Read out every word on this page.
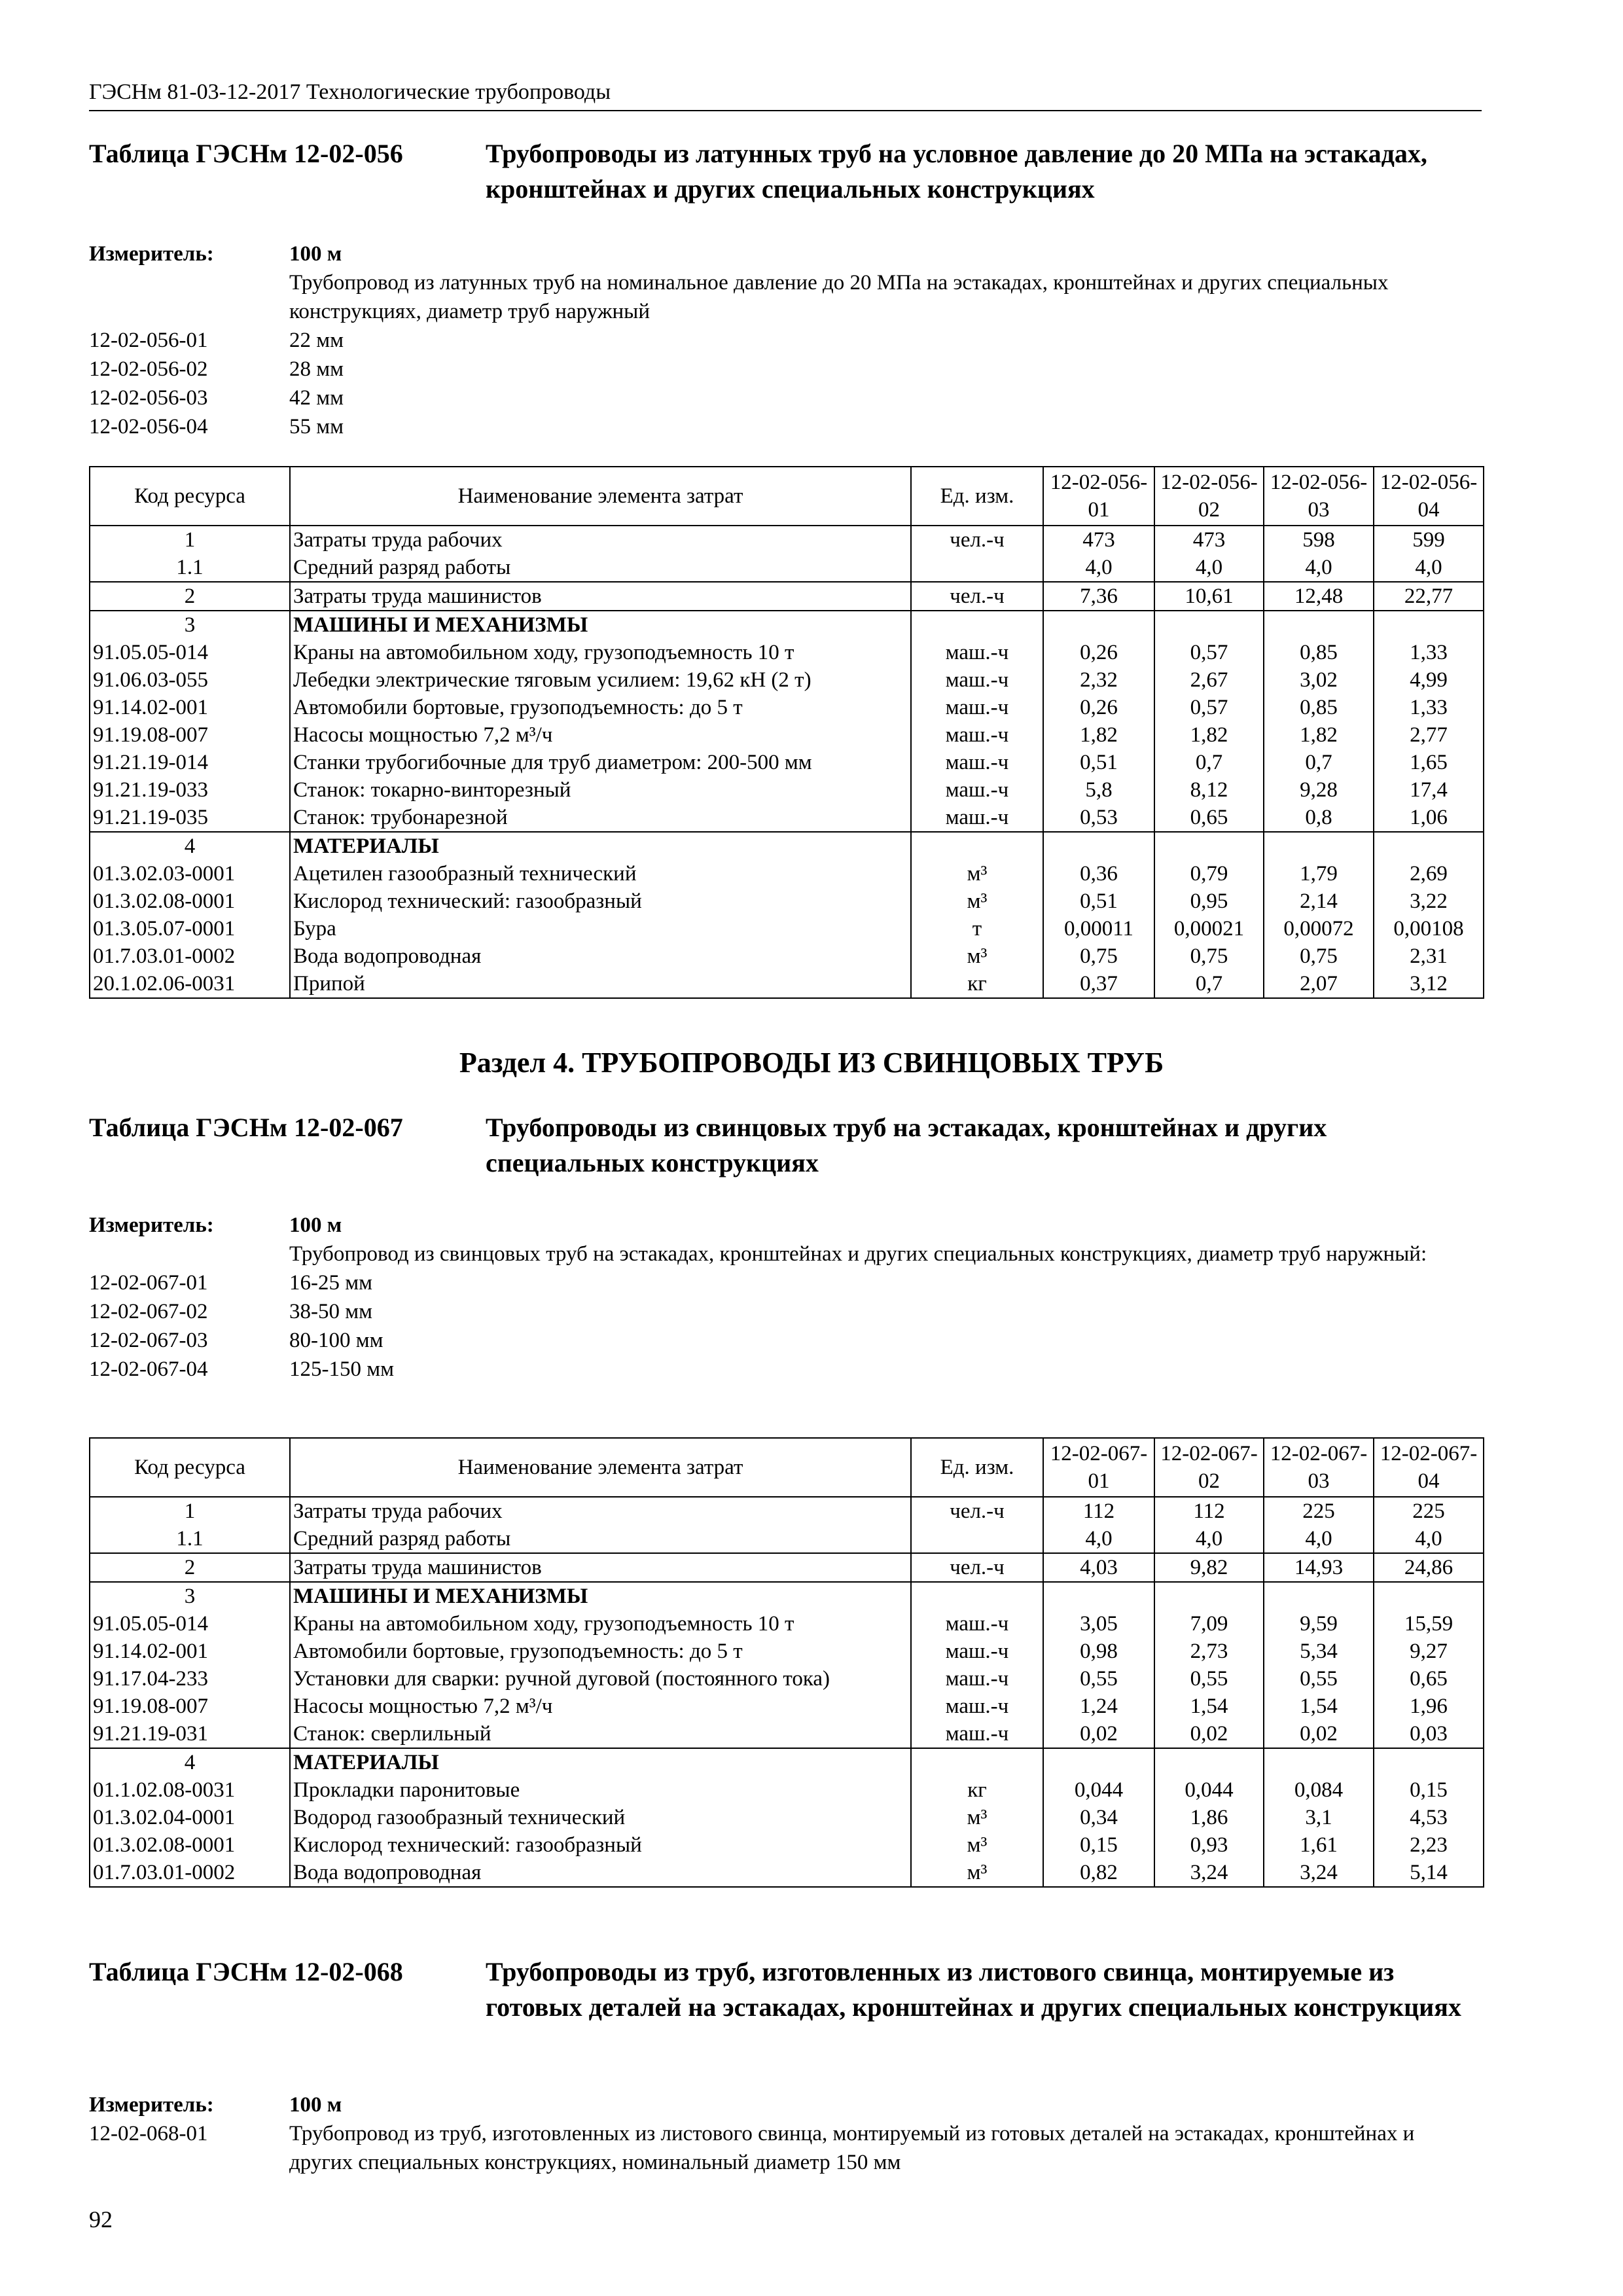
ГЭСНм 81-03-12-2017 Технологические трубопроводы
Таблица ГЭСНм 12-02-056	Трубопроводы из латунных труб на условное давление до 20 МПа на эстакадах, кронштейнах и других специальных конструкциях
Измеритель:	100 м
Трубопровод из латунных труб на номинальное давление до 20 МПа на эстакадах, кронштейнах и других специальных конструкциях, диаметр труб наружный
12-02-056-01	22 мм
12-02-056-02	28 мм
12-02-056-03	42 мм
12-02-056-04	55 мм
Код ресурса	Наименование элемента затрат	Ед. изм.	12-02-056-01	12-02-056-02	12-02-056-03	12-02-056-04
1	Затраты труда рабочих	чел.-ч	473	473	598	599
1.1	Средний разряд работы		4,0	4,0	4,0	4,0
2	Затраты труда машинистов	чел.-ч	7,36	10,61	12,48	22,77
3	МАШИНЫ И МЕХАНИЗМЫ					
91.05.05-014	Краны на автомобильном ходу, грузоподъемность 10 т	маш.-ч	0,26	0,57	0,85	1,33
91.06.03-055	Лебедки электрические тяговым усилием: 19,62 кН (2 т)	маш.-ч	2,32	2,67	3,02	4,99
91.14.02-001	Автомобили бортовые, грузоподъемность: до 5 т	маш.-ч	0,26	0,57	0,85	1,33
91.19.08-007	Насосы мощностью 7,2 м³/ч	маш.-ч	1,82	1,82	1,82	2,77
91.21.19-014	Станки трубогибочные для труб диаметром: 200-500 мм	маш.-ч	0,51	0,7	0,7	1,65
91.21.19-033	Станок: токарно-винторезный	маш.-ч	5,8	8,12	9,28	17,4
91.21.19-035	Станок: трубонарезной	маш.-ч	0,53	0,65	0,8	1,06
4	МАТЕРИАЛЫ					
01.3.02.03-0001	Ацетилен газообразный технический	м³	0,36	0,79	1,79	2,69
01.3.02.08-0001	Кислород технический: газообразный	м³	0,51	0,95	2,14	3,22
01.3.05.07-0001	Бура	т	0,00011	0,00021	0,00072	0,00108
01.7.03.01-0002	Вода водопроводная	м³	0,75	0,75	0,75	2,31
20.1.02.06-0031	Припой	кг	0,37	0,7	2,07	3,12
Раздел 4. ТРУБОПРОВОДЫ ИЗ СВИНЦОВЫХ ТРУБ
Таблица ГЭСНм 12-02-067	Трубопроводы из свинцовых труб на эстакадах, кронштейнах и других специальных конструкциях
Измеритель:	100 м
Трубопровод из свинцовых труб на эстакадах, кронштейнах и других специальных конструкциях, диаметр труб наружный:
12-02-067-01	16-25 мм
12-02-067-02	38-50 мм
12-02-067-03	80-100 мм
12-02-067-04	125-150 мм
Код ресурса	Наименование элемента затрат	Ед. изм.	12-02-067-01	12-02-067-02	12-02-067-03	12-02-067-04
1	Затраты труда рабочих	чел.-ч	112	112	225	225
1.1	Средний разряд работы		4,0	4,0	4,0	4,0
2	Затраты труда машинистов	чел.-ч	4,03	9,82	14,93	24,86
3	МАШИНЫ И МЕХАНИЗМЫ					
91.05.05-014	Краны на автомобильном ходу, грузоподъемность 10 т	маш.-ч	3,05	7,09	9,59	15,59
91.14.02-001	Автомобили бортовые, грузоподъемность: до 5 т	маш.-ч	0,98	2,73	5,34	9,27
91.17.04-233	Установки для сварки: ручной дуговой (постоянного тока)	маш.-ч	0,55	0,55	0,55	0,65
91.19.08-007	Насосы мощностью 7,2 м³/ч	маш.-ч	1,24	1,54	1,54	1,96
91.21.19-031	Станок: сверлильный	маш.-ч	0,02	0,02	0,02	0,03
4	МАТЕРИАЛЫ					
01.1.02.08-0031	Прокладки паронитовые	кг	0,044	0,044	0,084	0,15
01.3.02.04-0001	Водород газообразный технический	м³	0,34	1,86	3,1	4,53
01.3.02.08-0001	Кислород технический: газообразный	м³	0,15	0,93	1,61	2,23
01.7.03.01-0002	Вода водопроводная	м³	0,82	3,24	3,24	5,14
Таблица ГЭСНм 12-02-068	Трубопроводы из труб, изготовленных из листового свинца, монтируемые из готовых деталей на эстакадах, кронштейнах и других специальных конструкциях
Измеритель:	100 м
12-02-068-01	Трубопровод из труб, изготовленных из листового свинца, монтируемый из готовых деталей на эстакадах, кронштейнах и других специальных конструкциях, номинальный диаметр 150 мм
92
